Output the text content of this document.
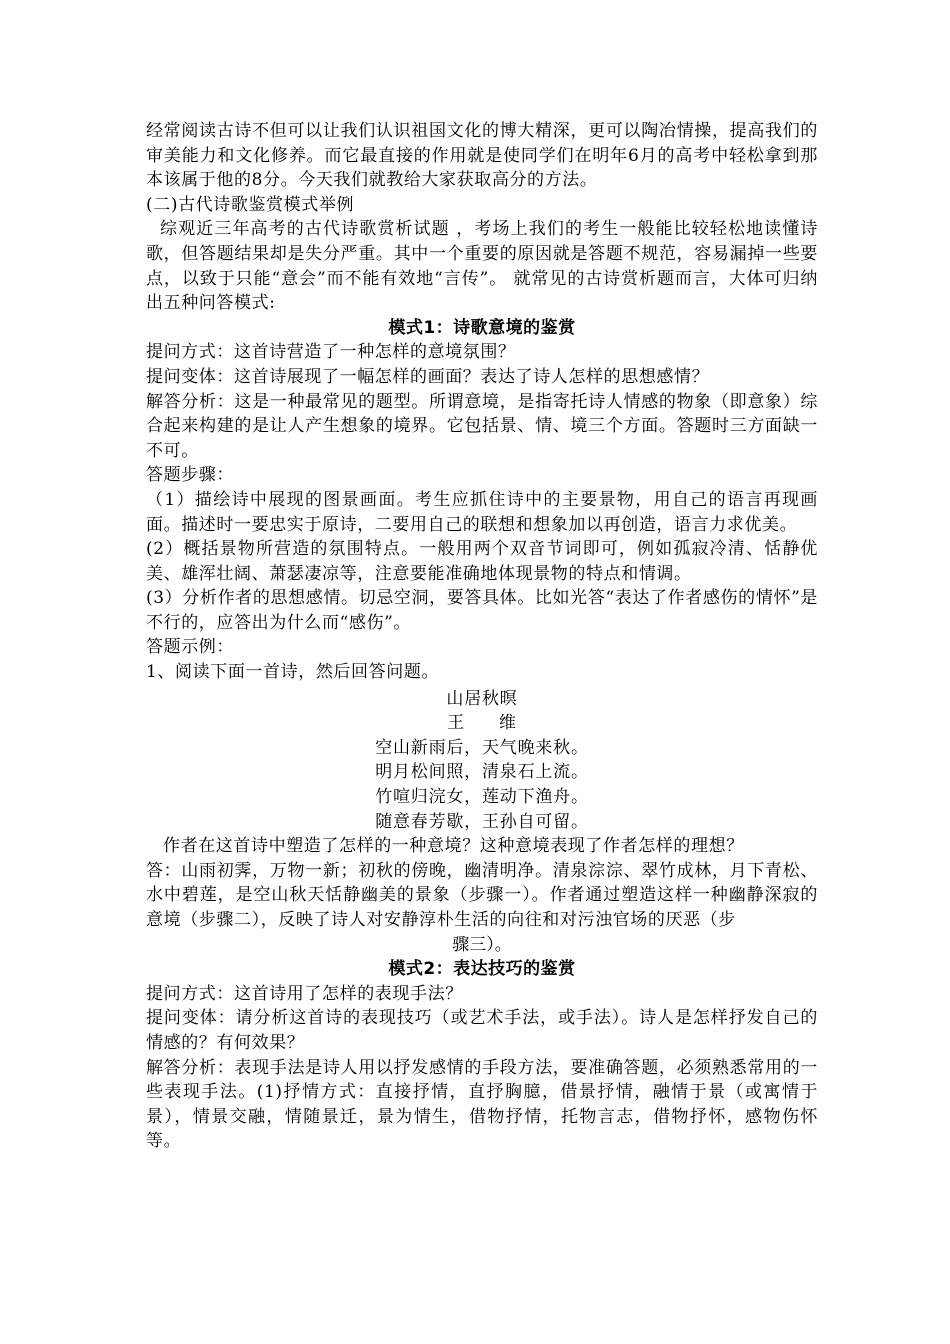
经常阅读古诗不但可以让我们认识祖国文化的博大精深，更可以陶冶情操，提高我们的审美能力和文化修养。而它最直接的作用就是使同学们在明年6月的高考中轻松拿到那本该属于他的8分。今天我们就教给大家获取高分的方法。

(二)古代诗歌鉴赏模式举例

综观近三年高考的古代诗歌赏析试题 ，考场上我们的考生一般能比较轻松地读懂诗歌，但答题结果却是失分严重。其中一个重要的原因就是答题不规范，容易漏掉一些要点，以致于只能“意会”而不能有效地“言传”。 就常见的古诗赏析题而言，大体可归纳出五种问答模式:

模式1：诗歌意境的鉴赏

提问方式：这首诗营造了一种怎样的意境氛围？

提问变体：这首诗展现了一幅怎样的画面？表达了诗人怎样的思想感情？

解答分析：这是一种最常见的题型。所谓意境，是指寄托诗人情感的物象（即意象）综合起来构建的是让人产生想象的境界。它包括景、情、境三个方面。答题时三方面缺一不可。

答题步骤：

（1）描绘诗中展现的图景画面。考生应抓住诗中的主要景物，用自己的语言再现画面。描述时一要忠实于原诗，二要用自己的联想和想象加以再创造，语言力求优美。

(2）概括景物所营造的氛围特点。一般用两个双音节词即可，例如孤寂冷清、恬静优美、雄浑壮阔、萧瑟凄凉等，注意要能准确地体现景物的特点和情调。

(3）分析作者的思想感情。切忌空洞，要答具体。比如光答“表达了作者感伤的情怀”是不行的，应答出为什么而“感伤”。

答题示例：

1、阅读下面一首诗，然后回答问题。

山居秋暝

王 维

空山新雨后，天气晚来秋。

明月松间照，清泉石上流。

竹喧归浣女，莲动下渔舟。

随意春芳歇，王孙自可留。

作者在这首诗中塑造了怎样的一种意境？这种意境表现了作者怎样的理想？

答：山雨初霁，万物一新；初秋的傍晚，幽清明净。清泉淙淙、翠竹成林，月下青松、水中碧莲，是空山秋天恬静幽美的景象（步骤一）。作者通过塑造这样一种幽静深寂的意境（步骤二），反映了诗人对安静淳朴生活的向往和对污浊官场的厌恶（步

骤三）。

模式2：表达技巧的鉴赏

提问方式：这首诗用了怎样的表现手法？

提问变体：请分析这首诗的表现技巧（或艺术手法，或手法）。诗人是怎样抒发自己的情感的？有何效果？

解答分析：表现手法是诗人用以抒发感情的手段方法，要准确答题，必须熟悉常用的一些表现手法。(1)抒情方式：直接抒情，直抒胸臆，借景抒情，融情于景（或寓情于景），情景交融，情随景迁，景为情生，借物抒情，托物言志，借物抒怀，感物伤怀等。
